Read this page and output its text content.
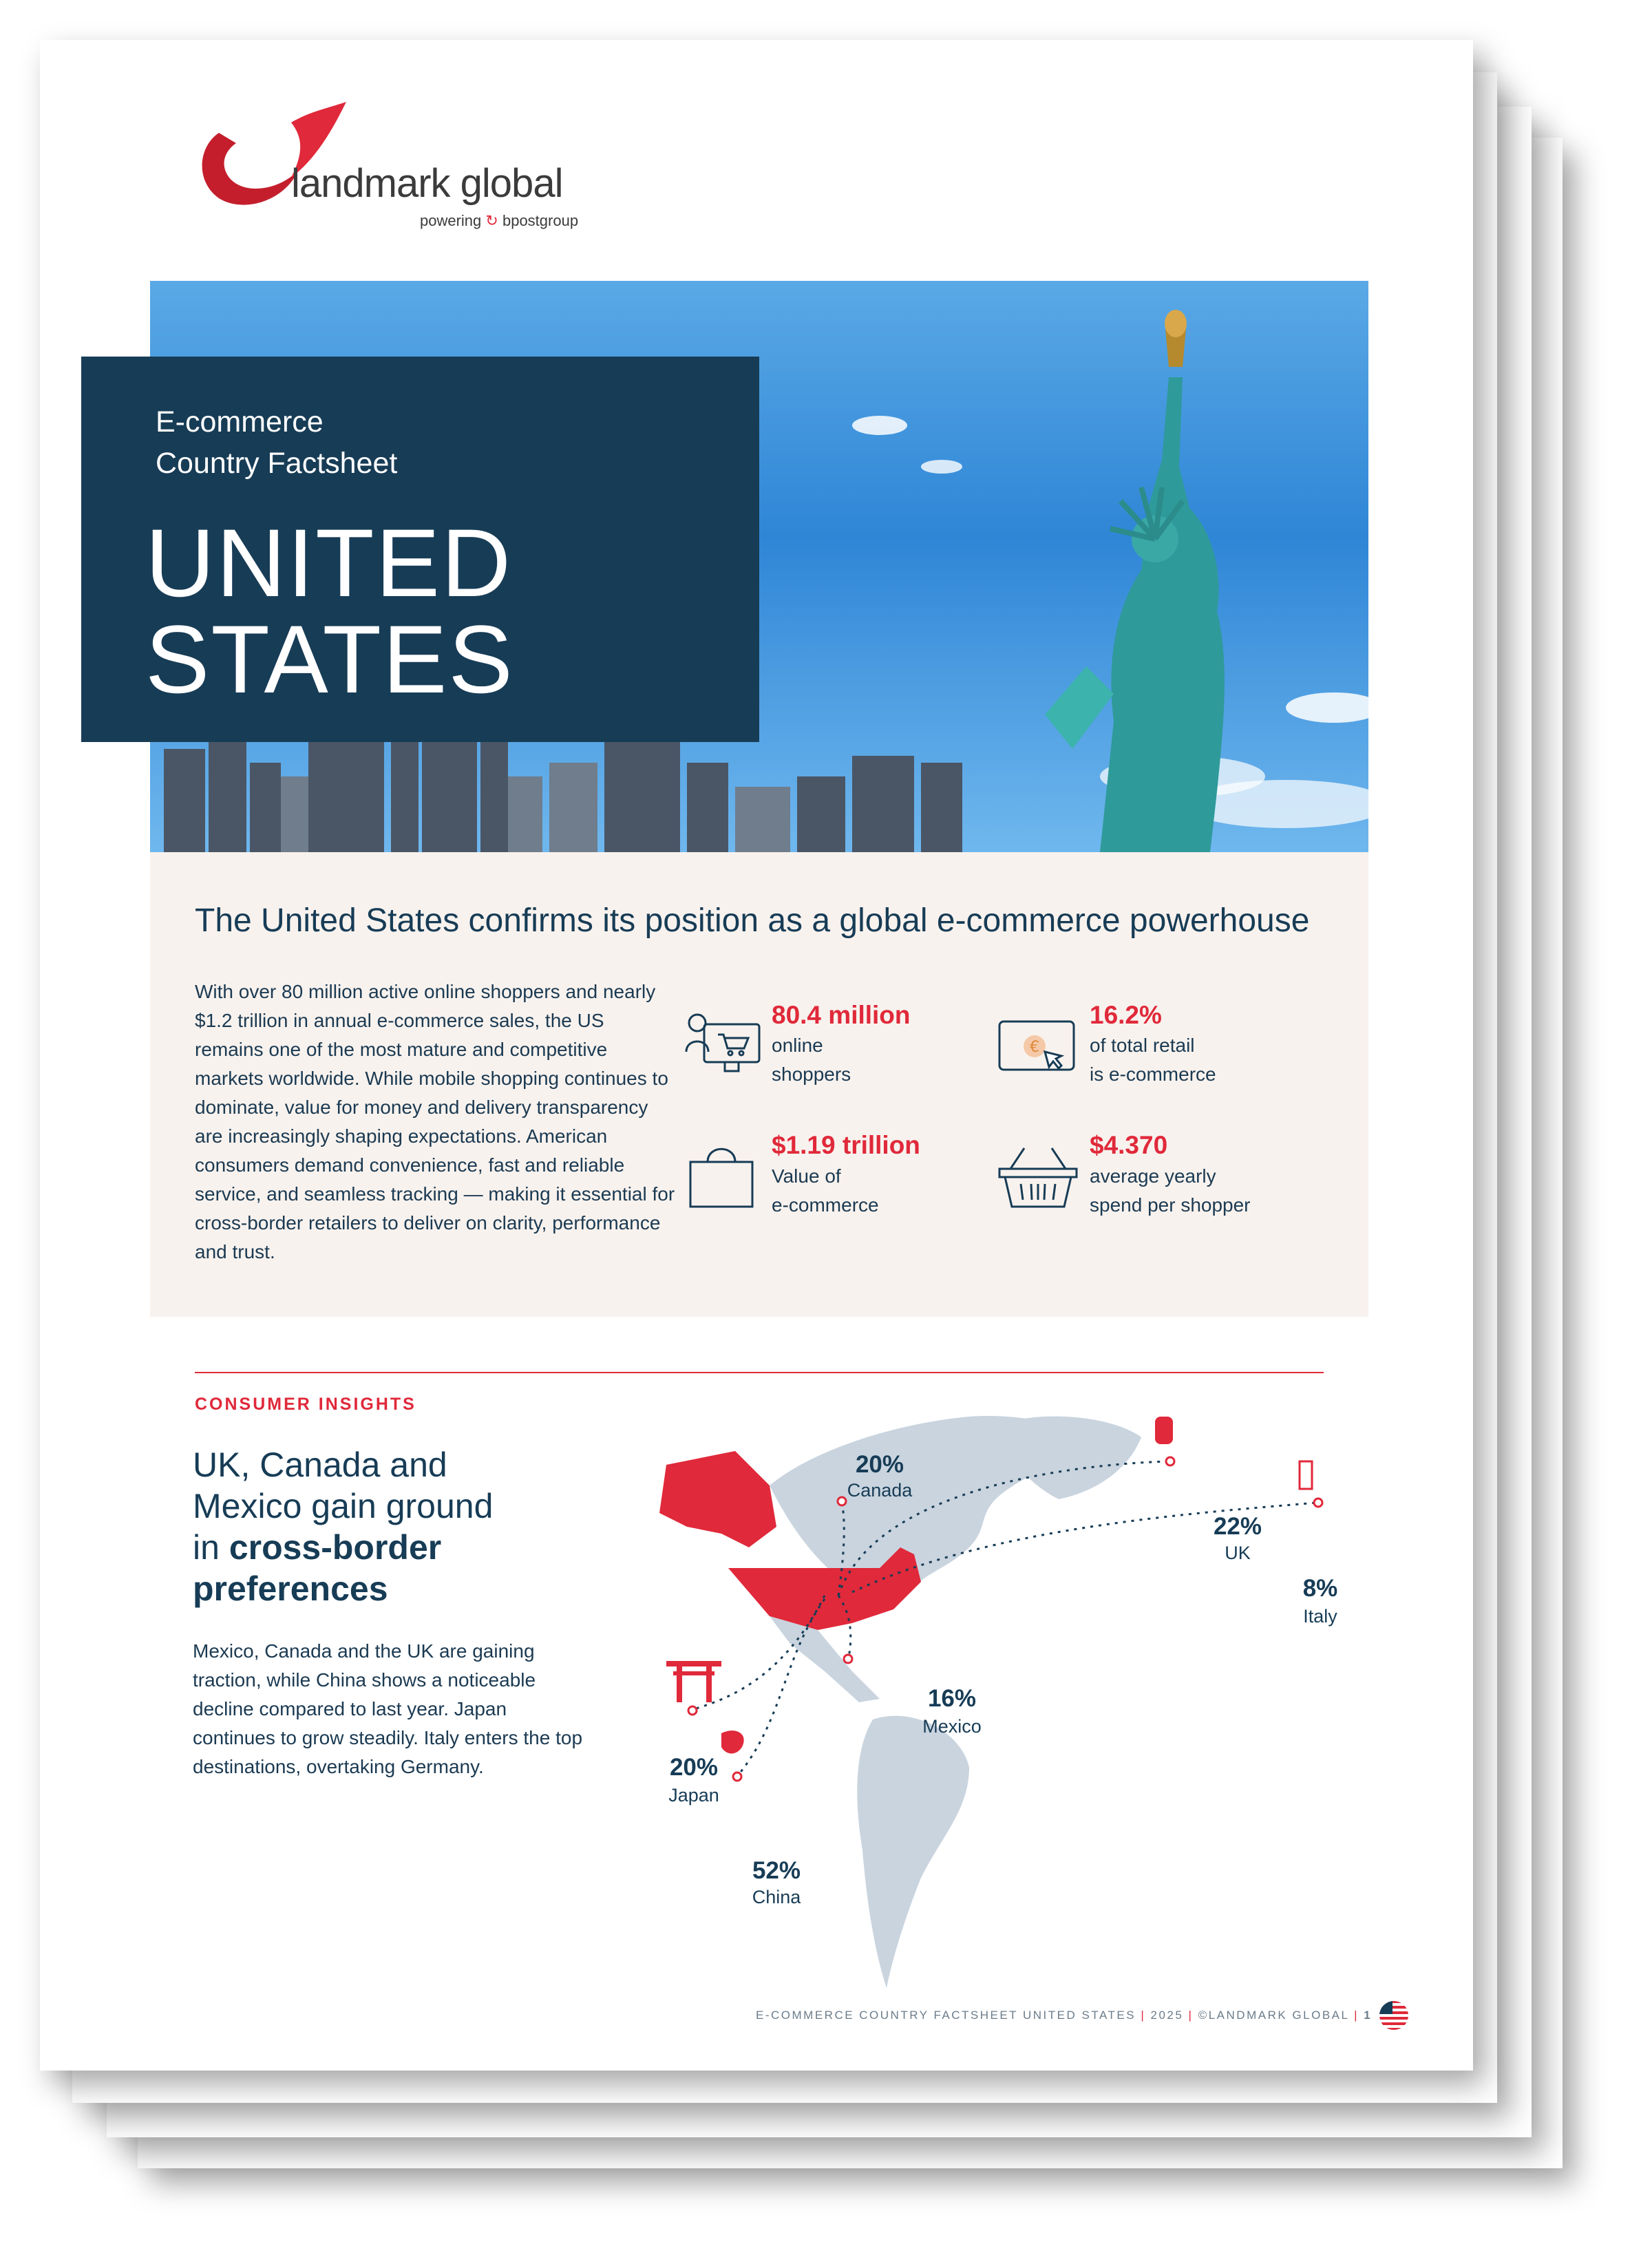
landmark global
powering ↻ bpostgroup
E-commerce
Country Factsheet
UNITED
STATES
The United States confirms its position as a global e-commerce powerhouse
With over 80 million active online shoppers and nearly $1.2 trillion in annual e-commerce sales, the US remains one of the most mature and competitive markets worldwide. While mobile shopping continues to dominate, value for money and delivery transparency are increasingly shaping expectations. American consumers demand convenience, fast and reliable service, and seamless tracking — making it essential for cross-border retailers to deliver on clarity, performance and trust.
80.4 million
online
shoppers
€
16.2%
of total retail
is e-commerce
$1.19 trillion
Value of
e-commerce
$4.370
average yearly
spend per shopper
CONSUMER INSIGHTS
UK, Canada and
Mexico gain ground
in cross-border
preferences
Mexico, Canada and the UK are gaining traction, while China shows a noticeable decline compared to last year. Japan continues to grow steadily. Italy enters the top destinations, overtaking Germany.
20%
Canada
22%
UK
8%
Italy
16%
Mexico
20%
Japan
52%
China
E-COMMERCE COUNTRY FACTSHEET UNITED STATES | 2025 | ©LANDMARK GLOBAL | 1
